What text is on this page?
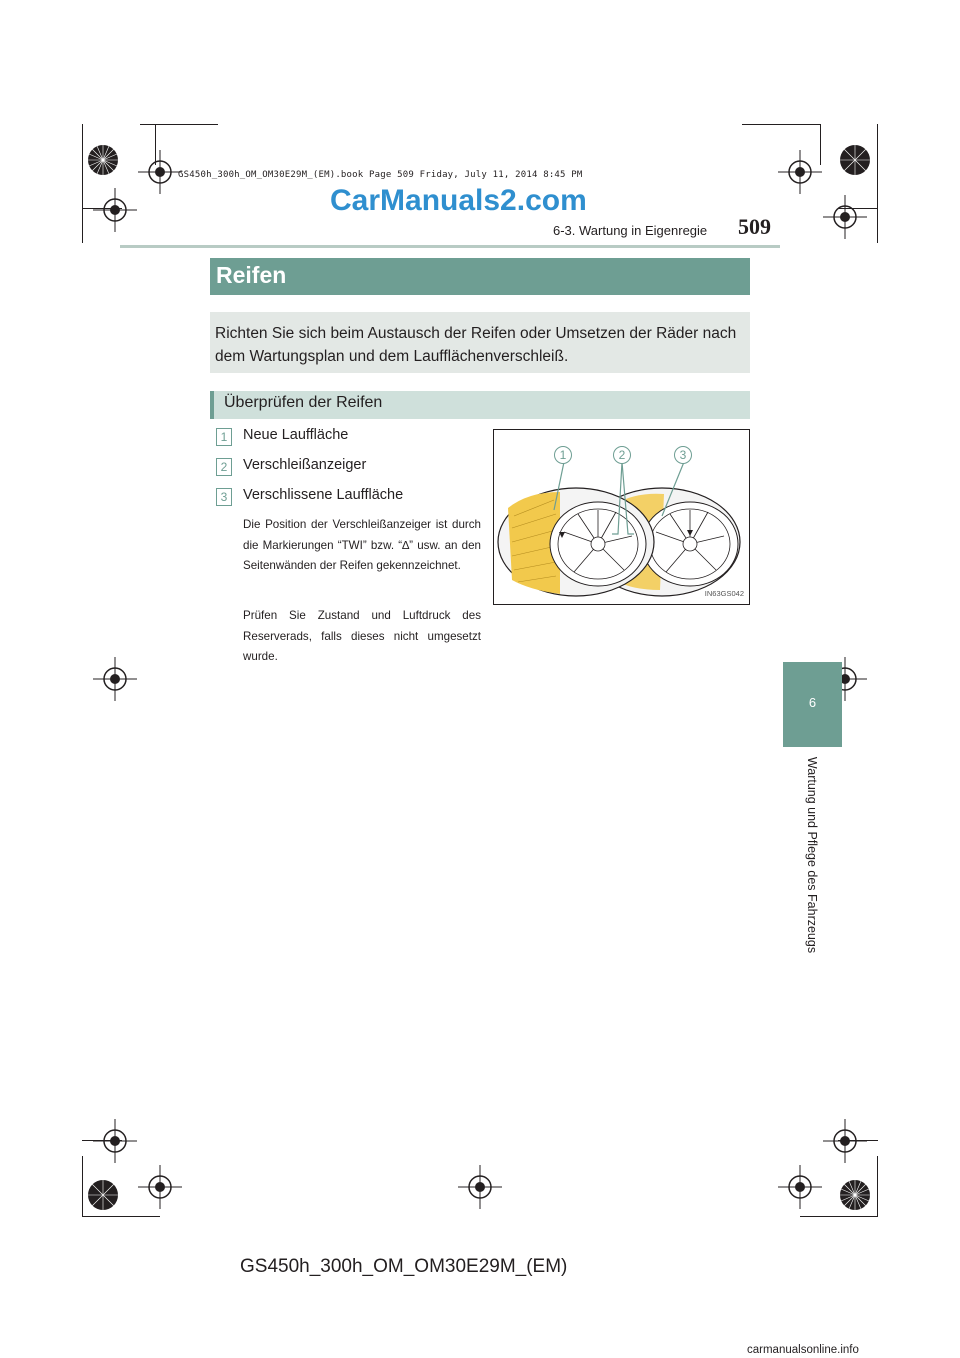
GS450h_300h_OM_OM30E29M_(EM).book Page 509 Friday, July 11, 2014 8:45 PM
CarManuals2.com
6-3. Wartung in Eigenregie 509
Reifen
Richten Sie sich beim Austausch der Reifen oder Umsetzen der Räder nach dem Wartungsplan und dem Laufflächenverschleiß.
Überprüfen der Reifen
1	Neue Lauffläche
2	Verschleißanzeiger
3	Verschlissene Lauffläche
Die Position der Verschleißanzeiger ist durch die Markierungen “TWI” bzw. “∆” usw. an den Seitenwänden der Reifen gekennzeichnet.
Prüfen Sie Zustand und Luftdruck des Reserverads, falls dieses nicht umgesetzt wurde.
1	2	3
IN63GS042
6
Wartung und Pflege des Fahrzeugs
GS450h_300h_OM_OM30E29M_(EM)
carmanualsonline.info
